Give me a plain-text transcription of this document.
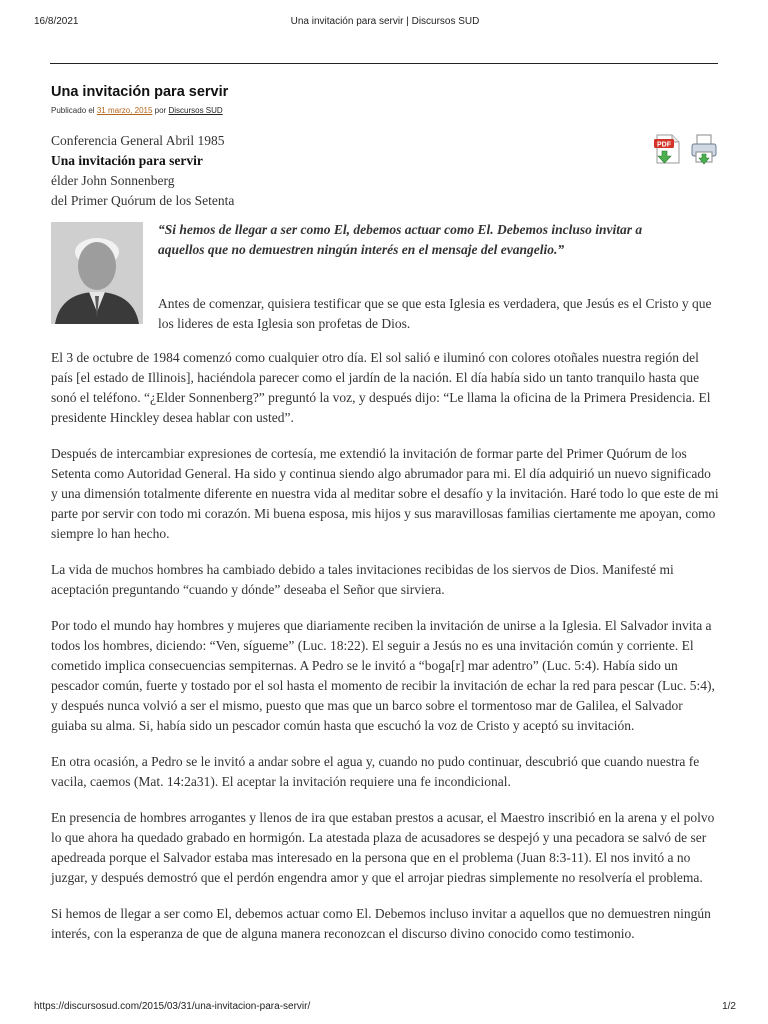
16/8/2021	Una invitación para servir | Discursos SUD
Una invitación para servir
Publicado el 31 marzo, 2015 por Discursos SUD
Conferencia General Abril 1985
Una invitación para servir
élder John Sonnenberg
del Primer Quórum de los Setenta
PDF
“Si hemos de llegar a ser como El, debemos actuar como El. Debemos incluso invitar a aquellos que no demuestren ningún interés en el mensaje del evangelio.”
Antes de comenzar, quisiera testificar que se que esta Iglesia es verdadera, que Jesús es el Cristo y que los lideres de esta Iglesia son profetas de Dios.

El 3 de octubre de 1984 comenzó como cualquier otro día. El sol salió e iluminó con colores otoñales nuestra región del país [el estado de Illinois], haciéndola parecer como el jardín de la nación. El día había sido un tanto tranquilo hasta que sonó el teléfono. “¿Elder Sonnenberg?” preguntó la voz, y después dijo: “Le llama la oficina de la Primera Presidencia. El presidente Hinckley desea hablar con usted”.

Después de intercambiar expresiones de cortesía, me extendió la invitación de formar parte del Primer Quórum de los Setenta como Autoridad General. Ha sido y continua siendo algo abrumador para mi. El día adquirió un nuevo significado y una dimensión totalmente diferente en nuestra vida al meditar sobre el desafío y la invitación. Haré todo lo que este de mi parte por servir con todo mi corazón. Mi buena esposa, mis hijos y sus maravillosas familias ciertamente me apoyan, como siempre lo han hecho.

La vida de muchos hombres ha cambiado debido a tales invitaciones recibidas de los siervos de Dios. Manifesté mi aceptación preguntando “cuando y dónde” deseaba el Señor que sirviera.

Por todo el mundo hay hombres y mujeres que diariamente reciben la invitación de unirse a la Iglesia. El Salvador invita a todos los hombres, diciendo: “Ven, sígueme” (Luc. 18:22). El seguir a Jesús no es una invitación común y corriente. El cometido implica consecuencias sempiternas. A Pedro se le invitó a “boga[r] mar adentro” (Luc. 5:4). Había sido un pescador común, fuerte y tostado por el sol hasta el momento de recibir la invitación de echar la red para pescar (Luc. 5:4), y después nunca volvió a ser el mismo, puesto que mas que un barco sobre el tormentoso mar de Galilea, el Salvador guiaba su alma. Si, había sido un pescador común hasta que escuchó la voz de Cristo y aceptó su invitación.

En otra ocasión, a Pedro se le invitó a andar sobre el agua y, cuando no pudo continuar, descubrió que cuando nuestra fe vacila, caemos (Mat. 14:2a31). El aceptar la invitación requiere una fe incondicional.

En presencia de hombres arrogantes y llenos de ira que estaban prestos a acusar, el Maestro inscribió en la arena y el polvo lo que ahora ha quedado grabado en hormigón. La atestada plaza de acusadores se despejó y una pecadora se salvó de ser apedreada porque el Salvador estaba mas interesado en la persona que en el problema (Juan 8:3-11). El nos invitó a no juzgar, y después demostró que el perdón engendra amor y que el arrojar piedras simplemente no resolvería el problema.

Si hemos de llegar a ser como El, debemos actuar como El. Debemos incluso invitar a aquellos que no demuestren ningún interés, con la esperanza de que de alguna manera reconozcan el discurso divino conocido como testimonio.

https://discursosud.com/2015/03/31/una-invitacion-para-servir/	1/2
